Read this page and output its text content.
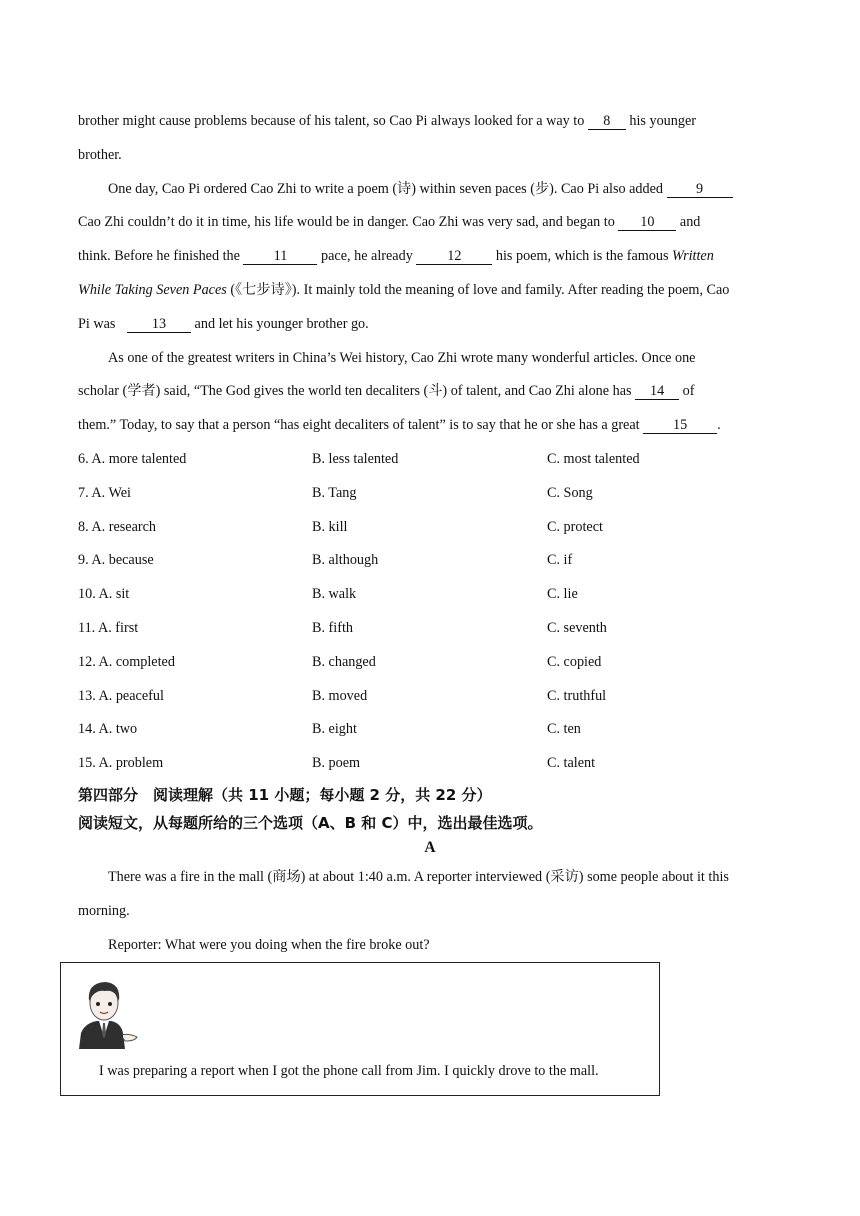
brother might cause problems because of his talent, so Cao Pi always looked for a way to 8 his younger
brother.
One day, Cao Pi ordered Cao Zhi to write a poem (诗) within seven paces (步). Cao Pi also added 9
Cao Zhi couldn’t do it in time, his life would be in danger. Cao Zhi was very sad, and began to 10 and
think. Before he finished the 11 pace, he already 12 his poem, which is the famous Written
While Taking Seven Paces (《七步诗》). It mainly told the meaning of love and family. After reading the poem, Cao
Pi was	13 and let his younger brother go.
As one of the greatest writers in China’s Wei history, Cao Zhi wrote many wonderful articles. Once one
scholar (学者) said, “The God gives the world ten decaliters (斗) of talent, and Cao Zhi alone has 14 of
them.” Today, to say that a person “has eight decaliters of talent” is to say that he or she has a great 15 .
6. A. more talented	B. less talented	C. most talented
7. A. Wei	B. Tang	C. Song
8. A. research	B. kill	C. protect
9. A. because	B. although	C. if
10. A. sit	B. walk	C. lie
11. A. first	B. fifth	C. seventh
12. A. completed	B. changed	C. copied
13. A. peaceful	B. moved	C. truthful
14. A. two	B. eight	C. ten
15. A. problem	B. poem	C. talent
第四部分　阅读理解（共 11 小题；每小题 2 分，共 22 分）
阅读短文，从每题所给的三个选项（A、B 和 C）中，选出最佳选项。
A
There was a fire in the mall (商场) at about 1:40 a.m. A reporter interviewed (采访) some people about it this
morning.
Reporter: What were you doing when the fire broke out?
I was preparing a report when I got the phone call from Jim. I quickly drove to the mall.
